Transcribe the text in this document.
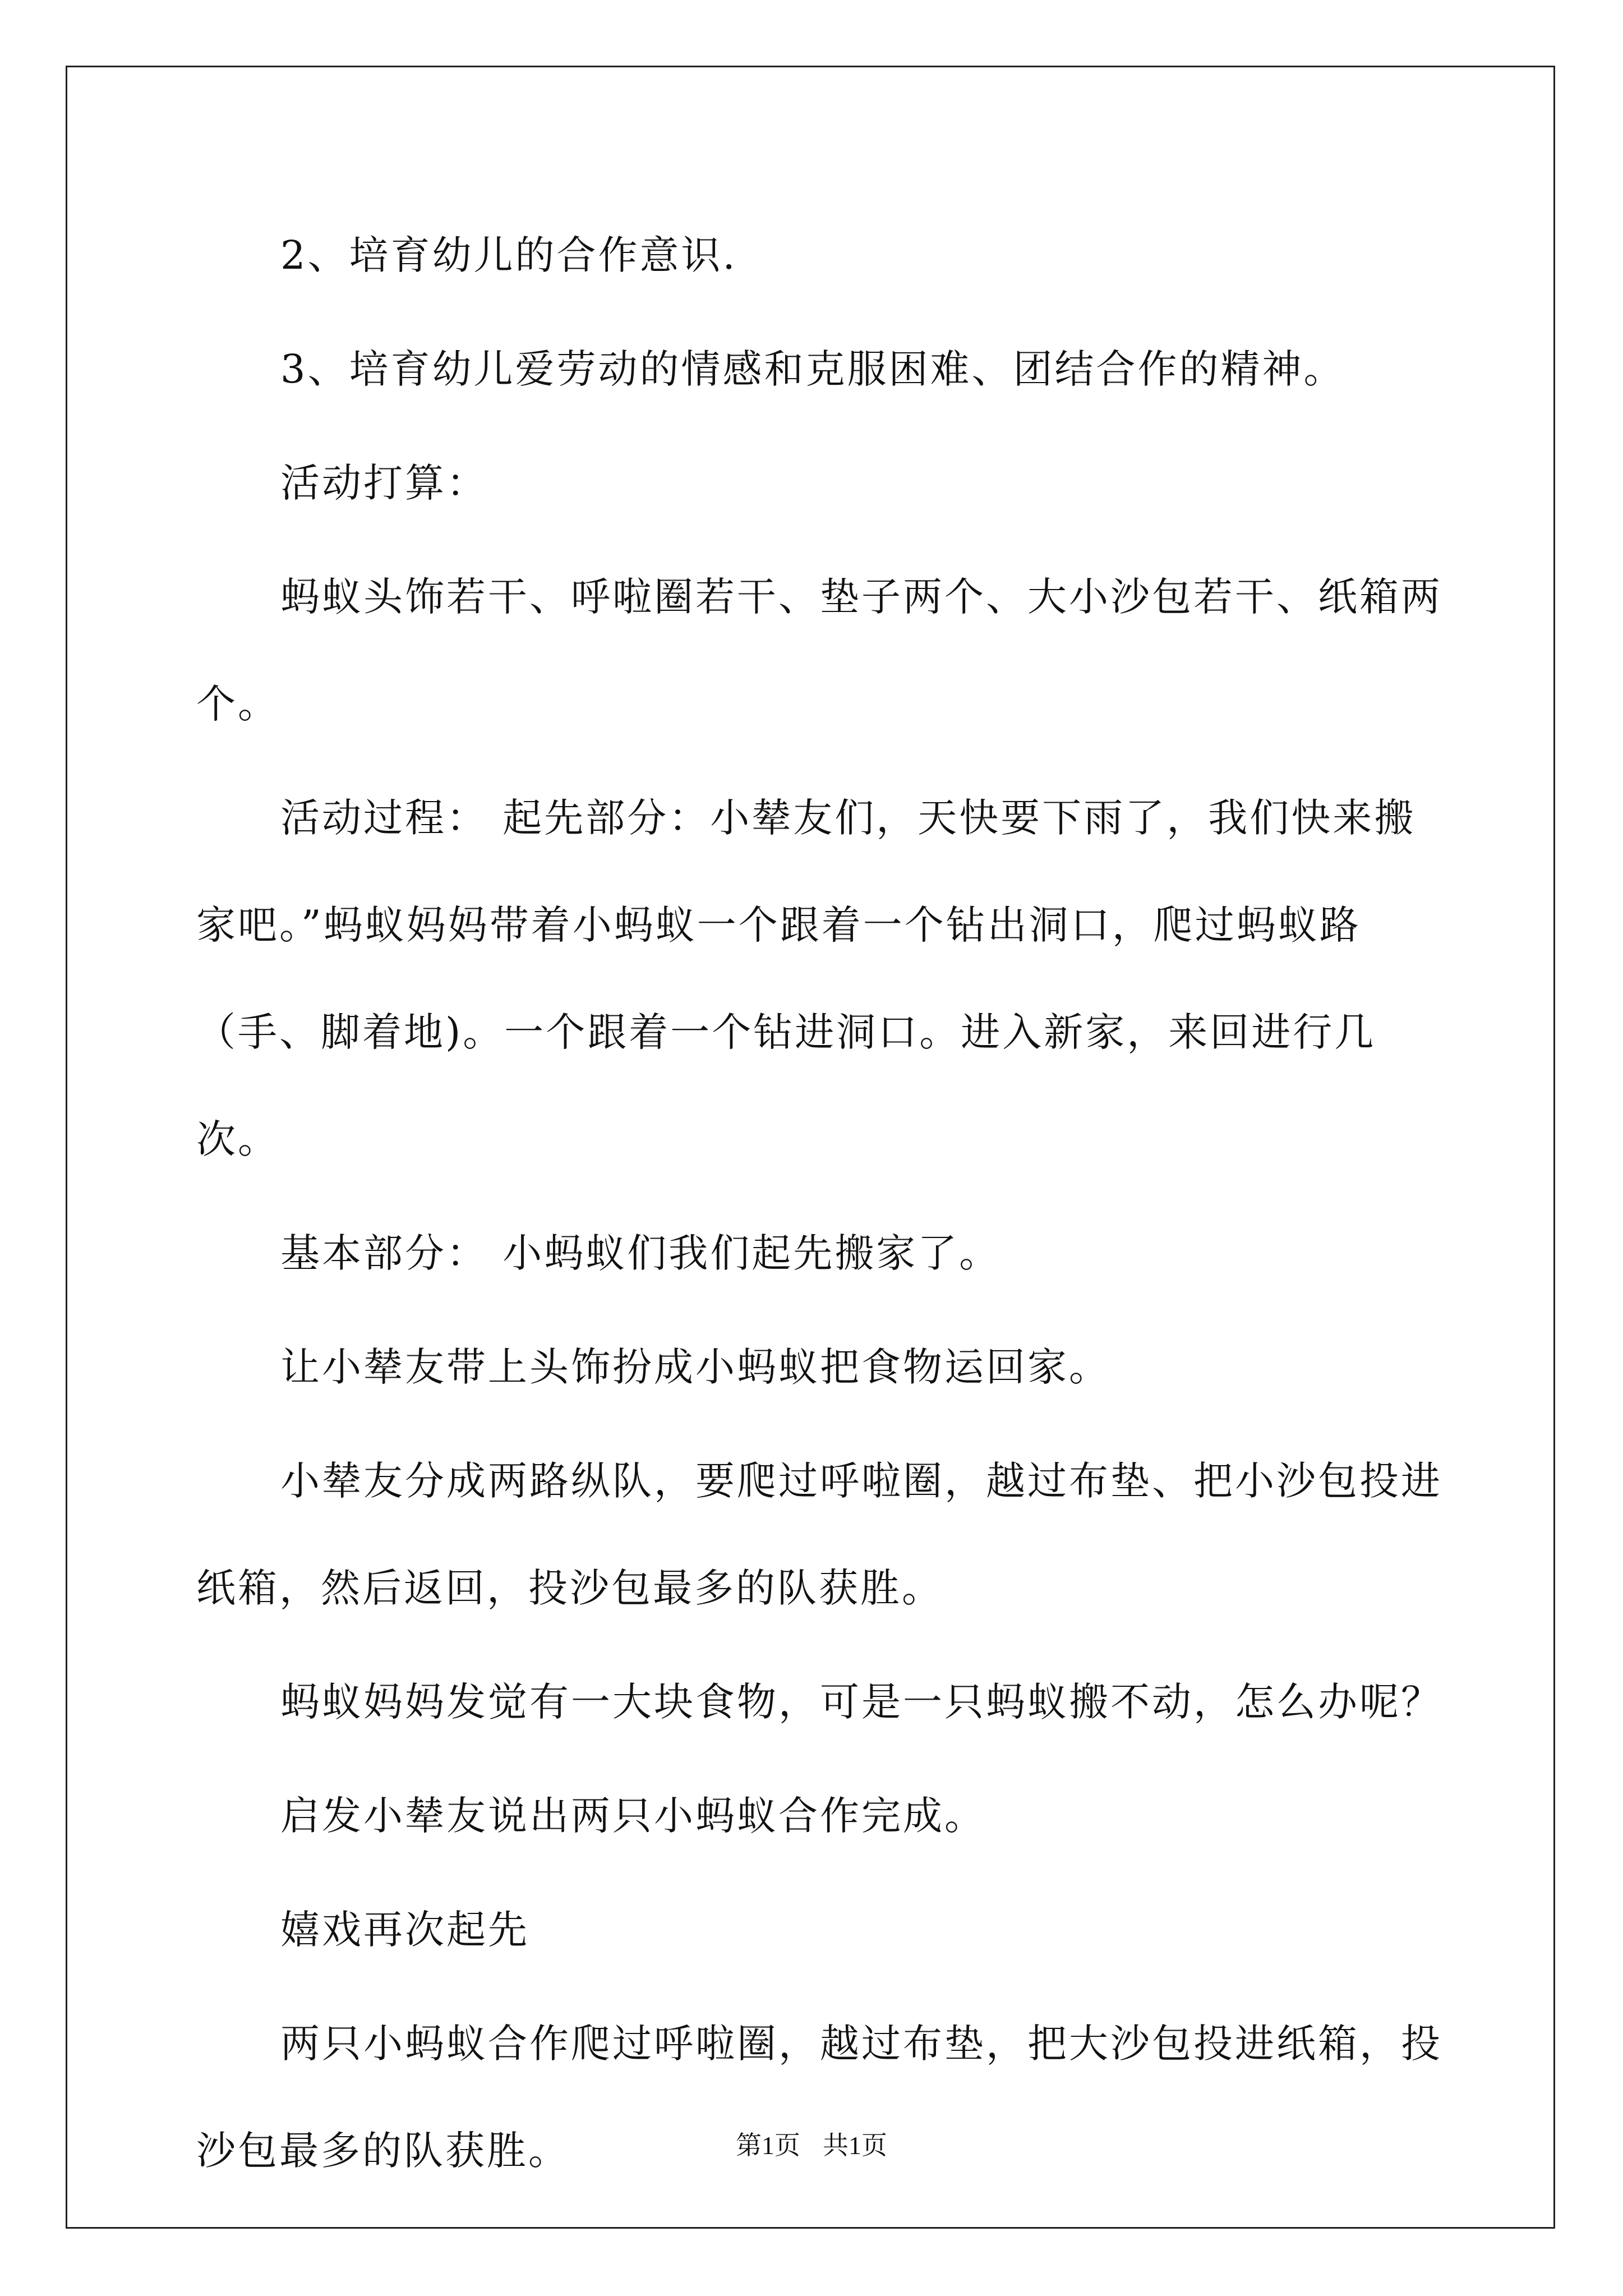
2、培育幼儿的合作意识.

3、培育幼儿爱劳动的情感和克服困难、团结合作的精神。

活动打算：

蚂蚁头饰若干、呼啦圈若干、垫子两个、大小沙包若干、纸箱两个。

活动过程： 起先部分：小辇友们，天快要下雨了，我们快来搬家吧。”蚂蚁妈妈带着小蚂蚁一个跟着一个钻出洞口，爬过蚂蚁路（手、脚着地)。一个跟着一个钻进洞口。进入新家，来回进行几次。

基本部分： 小蚂蚁们我们起先搬家了。

让小辇友带上头饰扮成小蚂蚁把食物运回家。

小辇友分成两路纵队，要爬过呼啦圈，越过布垫、把小沙包投进纸箱，然后返回，投沙包最多的队获胜。

蚂蚁妈妈发觉有一大块食物，可是一只蚂蚁搬不动，怎么办呢？

启发小辇友说出两只小蚂蚁合作完成。

嬉戏再次起先

两只小蚂蚁合作爬过呼啦圈，越过布垫，把大沙包投进纸箱，投沙包最多的队获胜。	第1页 共1页
